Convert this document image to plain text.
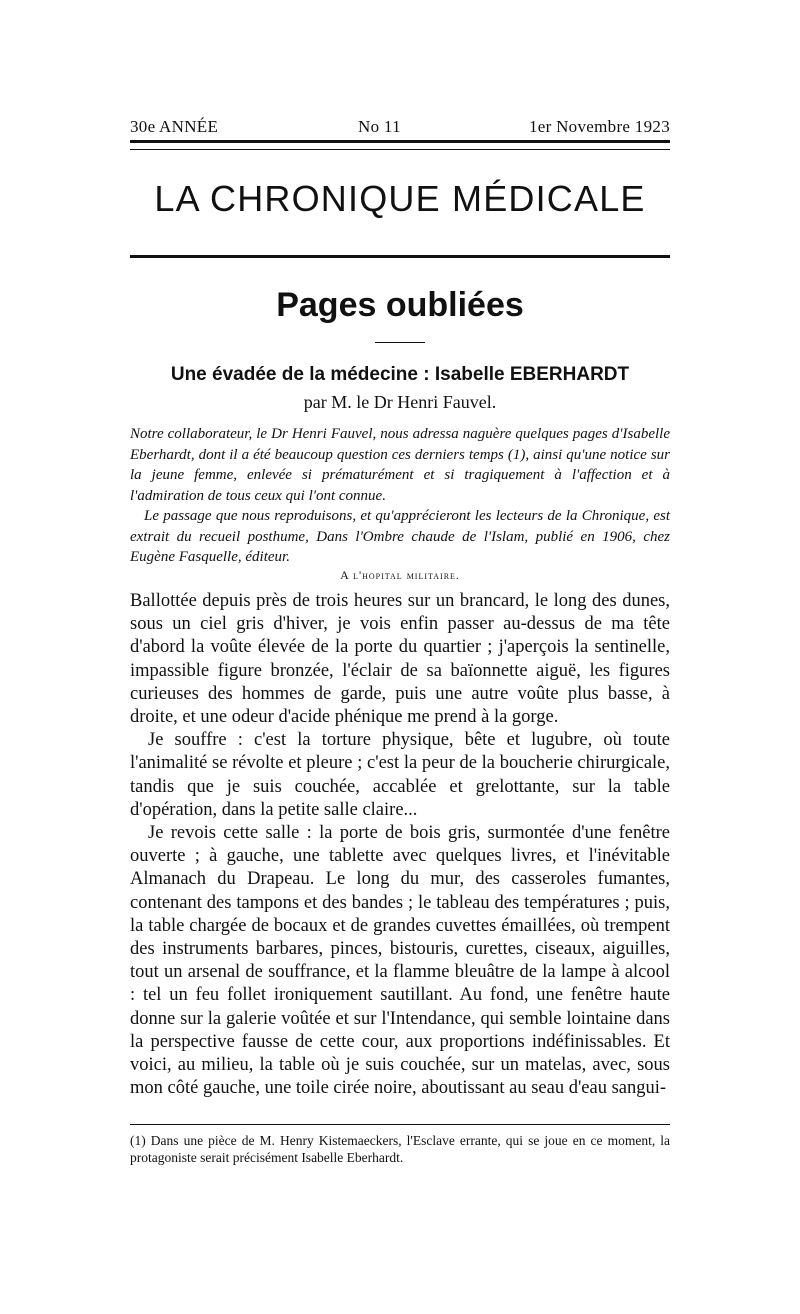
30e ANNÉE	No 11	1er Novembre 1923
LA CHRONIQUE MÉDICALE
Pages oubliées
Une évadée de la médecine : Isabelle EBERHARDT
par M. le Dr Henri Fauvel.

Notre collaborateur, le Dr Henri Fauvel, nous adressa naguère quelques pages d'Isabelle Eberhardt, dont il a été beaucoup question ces derniers temps (1), ainsi qu'une notice sur la jeune femme, enlevée si prématurément et si tragiquement à l'affection et à l'admiration de tous ceux qui l'ont connue.

Le passage que nous reproduisons, et qu'apprécieront les lecteurs de la Chronique, est extrait du recueil posthume, Dans l'Ombre chaude de l'Islam, publié en 1906, chez Eugène Fasquelle, éditeur.

A l'hopital militaire.

Ballottée depuis près de trois heures sur un brancard, le long des dunes, sous un ciel gris d'hiver, je vois enfin passer au-dessus de ma tête d'abord la voûte élevée de la porte du quartier ; j'aperçois la sentinelle, impassible figure bronzée, l'éclair de sa baïonnette aiguë, les figures curieuses des hommes de garde, puis une autre voûte plus basse, à droite, et une odeur d'acide phénique me prend à la gorge.

Je souffre : c'est la torture physique, bête et lugubre, où toute l'animalité se révolte et pleure ; c'est la peur de la boucherie chirurgicale, tandis que je suis couchée, accablée et grelottante, sur la table d'opération, dans la petite salle claire...

Je revois cette salle : la porte de bois gris, surmontée d'une fenêtre ouverte ; à gauche, une tablette avec quelques livres, et l'inévitable Almanach du Drapeau. Le long du mur, des casseroles fumantes, contenant des tampons et des bandes ; le tableau des températures ; puis, la table chargée de bocaux et de grandes cuvettes émaillées, où trempent des instruments barbares, pinces, bistouris, curettes, ciseaux, aiguilles, tout un arsenal de souffrance, et la flamme bleuâtre de la lampe à alcool : tel un feu follet ironiquement sautillant. Au fond, une fenêtre haute donne sur la galerie voûtée et sur l'Intendance, qui semble lointaine dans la perspective fausse de cette cour, aux proportions indéfinissables. Et voici, au milieu, la table où je suis couchée, sur un matelas, avec, sous mon côté gauche, une toile cirée noire, aboutissant au seau d'eau sangui-

(1) Dans une pièce de M. Henry Kistemaeckers, l'Esclave errante, qui se joue en ce moment, la protagoniste serait précisément Isabelle Eberhardt.
